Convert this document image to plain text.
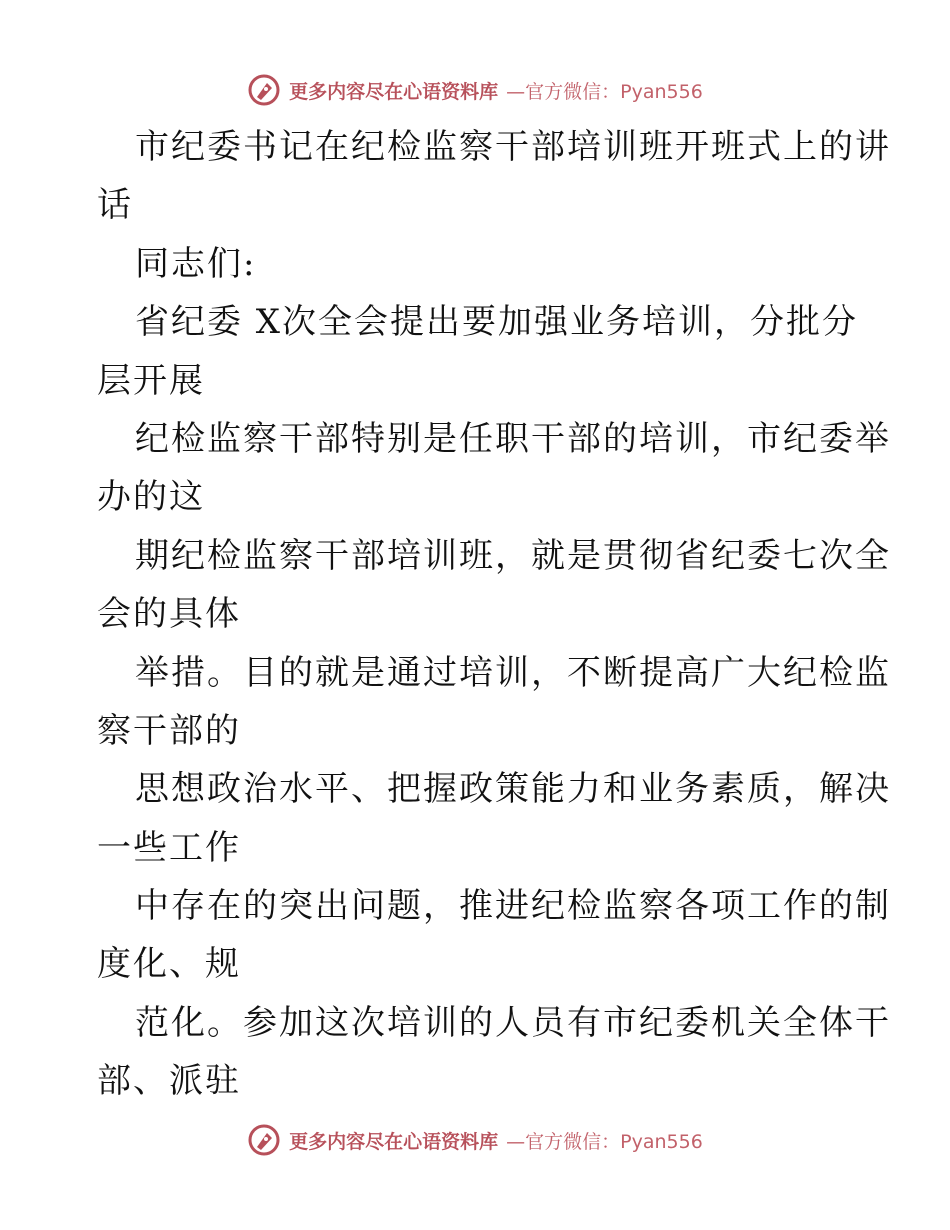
更多内容尽在心语资料库 —官方微信：Pyan556
市纪委书记在纪检监察干部培训班开班式上的讲
话
同志们:
省纪委 X次全会提出要加强业务培训，分批分
层开展
纪检监察干部特别是任职干部的培训，市纪委举
办的这
期纪检监察干部培训班，就是贯彻省纪委七次全
会的具体
举措。目的就是通过培训，不断提高广大纪检监
察干部的
思想政治水平、把握政策能力和业务素质，解决
一些工作
中存在的突出问题，推进纪检监察各项工作的制
度化、规
范化。参加这次培训的人员有市纪委机关全体干
部、派驻
更多内容尽在心语资料库 —官方微信：Pyan556
